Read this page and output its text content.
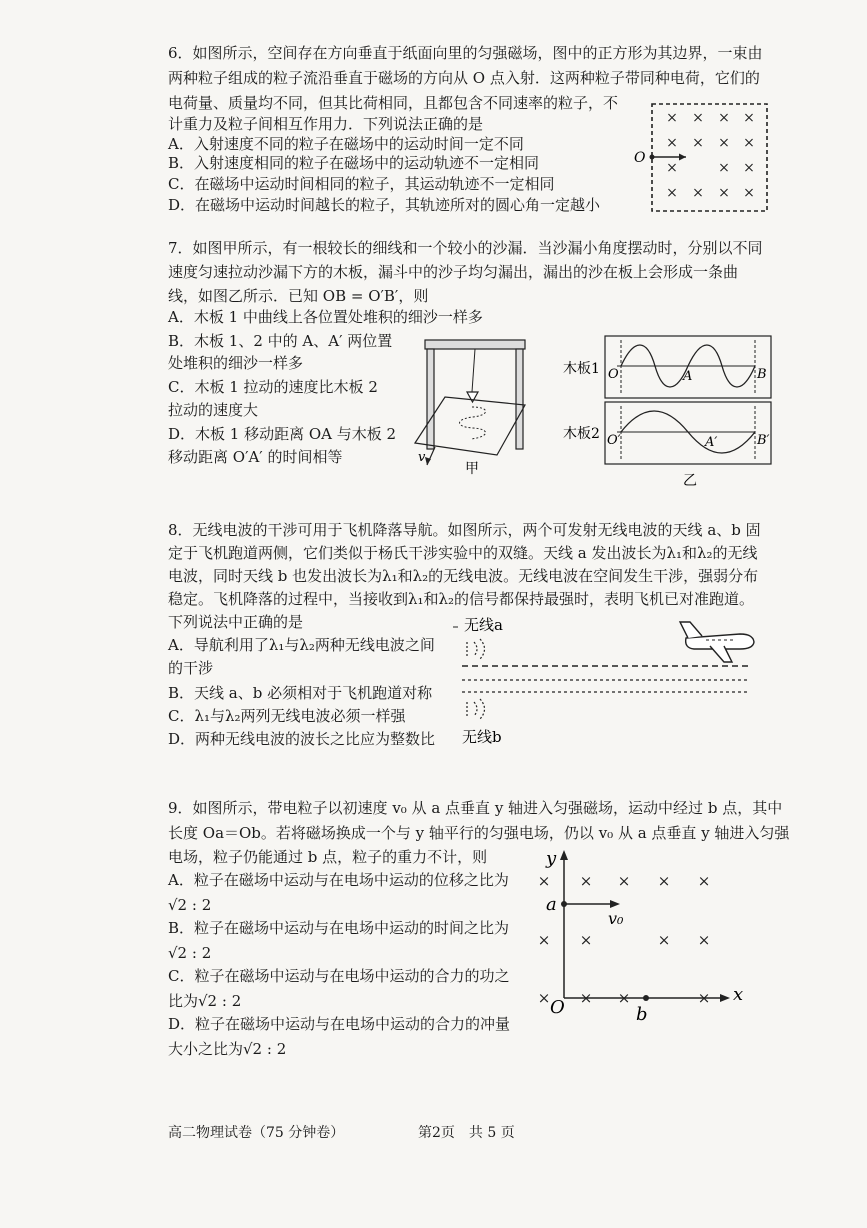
6．如图所示，空间存在方向垂直于纸面向里的匀强磁场，图中的正方形为其边界，一束由
两种粒子组成的粒子流沿垂直于磁场的方向从 O 点入射．这两种粒子带同种电荷，它们的
电荷量、质量均不同，但其比荷相同，且都包含不同速率的粒子，不
计重力及粒子间相互作用力．下列说法正确的是
A．入射速度不同的粒子在磁场中的运动时间一定不同
B．入射速度相同的粒子在磁场中的运动轨迹不一定相同
C．在磁场中运动时间相同的粒子，其运动轨迹不一定相同
D．在磁场中运动时间越长的粒子，其轨迹所对的圆心角一定越小
× × × ×
× × × ×
× ×
×
× × × ×
O
7．如图甲所示，有一根较长的细线和一个较小的沙漏．当沙漏小角度摆动时，分别以不同
速度匀速拉动沙漏下方的木板，漏斗中的沙子均匀漏出，漏出的沙在板上会形成一条曲
线，如图乙所示．已知 OB = O′B′，则
A．木板 1 中曲线上各位置处堆积的细沙一样多
B．木板 1、2 中的 A、A′ 两位置
处堆积的细沙一样多
C．木板 1 拉动的速度比木板 2
拉动的速度大
D．木板 1 移动距离 OA 与木板 2
移动距离 O′A′ 的时间相等	v
甲
木板1 O	A	B
木板2 O′	A′	B′
乙
8．无线电波的干涉可用于飞机降落导航。如图所示，两个可发射无线电波的天线 a、b 固
定于飞机跑道两侧，它们类似于杨氏干涉实验中的双缝。天线 a 发出波长为λ₁和λ₂的无线
电波，同时天线 b 也发出波长为λ₁和λ₂的无线电波。无线电波在空间发生干涉，强弱分布
稳定。飞机降落的过程中，当接收到λ₁和λ₂的信号都保持最强时，表明飞机已对准跑道。
下列说法中正确的是
A．导航利用了λ₁与λ₂两种无线电波之间
的干涉
B．天线 a、b 必须相对于飞机跑道对称
C．λ₁与λ₂两列无线电波必须一样强
D．两种无线电波的波长之比应为整数比
无线a
无线b
9．如图所示，带电粒子以初速度 v₀ 从 a 点垂直 y 轴进入匀强磁场，运动中经过 b 点，其中
长度 Oa＝Ob。若将磁场换成一个与 y 轴平行的匀强电场，仍以 v₀ 从 a 点垂直 y 轴进入匀强
电场，粒子仍能通过 b 点，粒子的重力不计，则
A．粒子在磁场中运动与在电场中运动的位移之比为
√2 : 2
B．粒子在磁场中运动与在电场中运动的时间之比为
√2 : 2
C．粒子在磁场中运动与在电场中运动的合力的功之
比为√2 : 2
D．粒子在磁场中运动与在电场中运动的合力的冲量
大小之比为√2 : 2
y
x
O
× × × × ×
× ×	× ×
× × ×	×
a
v₀
b
高二物理试卷（75 分钟卷）	第2页　共 5 页
